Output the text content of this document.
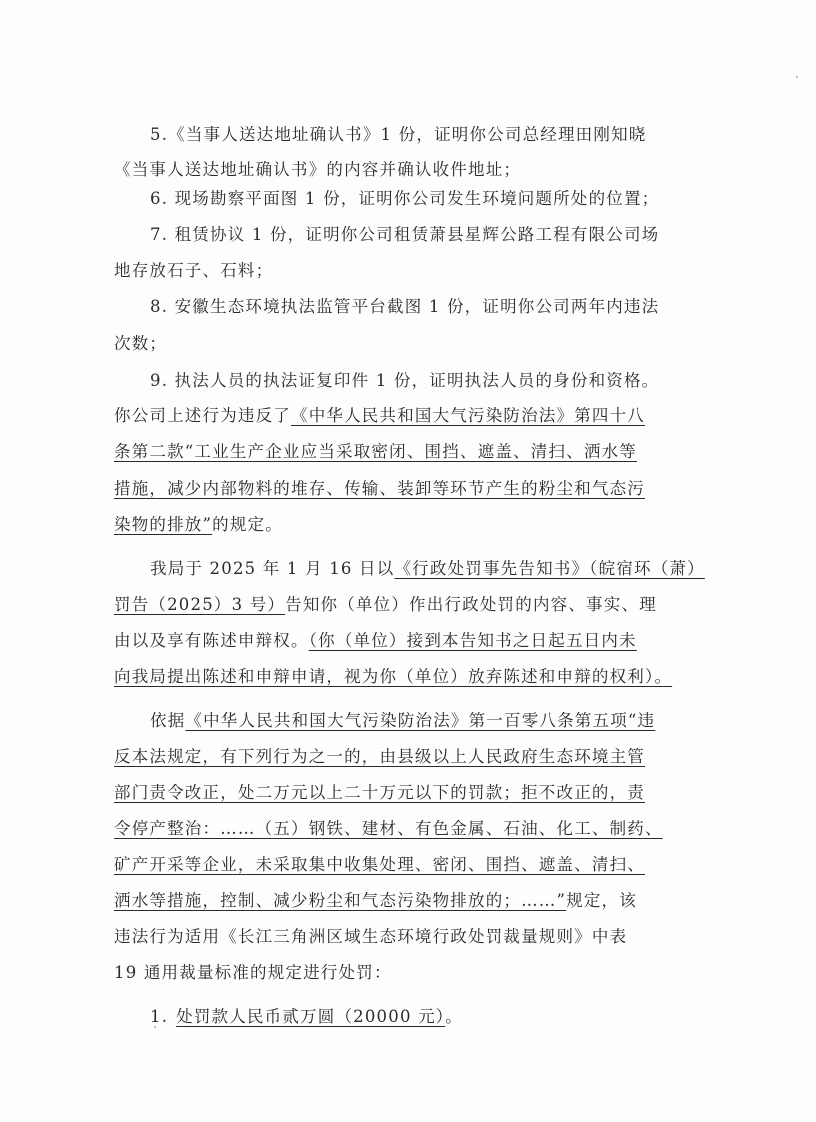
5.《当事人送达地址确认书》1 份，证明你公司总经理田刚知晓
《当事人送达地址确认书》的内容并确认收件地址；
6. 现场勘察平面图 1 份，证明你公司发生环境问题所处的位置；
7. 租赁协议 1 份，证明你公司租赁萧县星辉公路工程有限公司场
地存放石子、石料；
8. 安徽生态环境执法监管平台截图 1 份，证明你公司两年内违法
次数；
9. 执法人员的执法证复印件 1 份，证明执法人员的身份和资格。
你公司上述行为违反了《中华人民共和国大气污染防治法》第四十八
条第二款“工业生产企业应当采取密闭、围挡、遮盖、清扫、洒水等
措施，减少内部物料的堆存、传输、装卸等环节产生的粉尘和气态污
染物的排放”的规定。
我局于 2025 年 1 月 16 日以《行政处罚事先告知书》（皖宿环（萧）
罚告（2025）3 号）告知你（单位）作出行政处罚的内容、事实、理
由以及享有陈述申辩权。（你（单位）接到本告知书之日起五日内未
向我局提出陈述和申辩申请，视为你（单位）放弃陈述和申辩的权利）。
依据《中华人民共和国大气污染防治法》第一百零八条第五项“违
反本法规定，有下列行为之一的，由县级以上人民政府生态环境主管
部门责令改正，处二万元以上二十万元以下的罚款；拒不改正的，责
令停产整治：……（五）钢铁、建材、有色金属、石油、化工、制药、
矿产开采等企业，未采取集中收集处理、密闭、围挡、遮盖、清扫、
洒水等措施，控制、减少粉尘和气态污染物排放的；……”规定，该
违法行为适用《长江三角洲区域生态环境行政处罚裁量规则》中表
19 通用裁量标准的规定进行处罚：
1. 处罚款人民币贰万圆（20000 元）。
